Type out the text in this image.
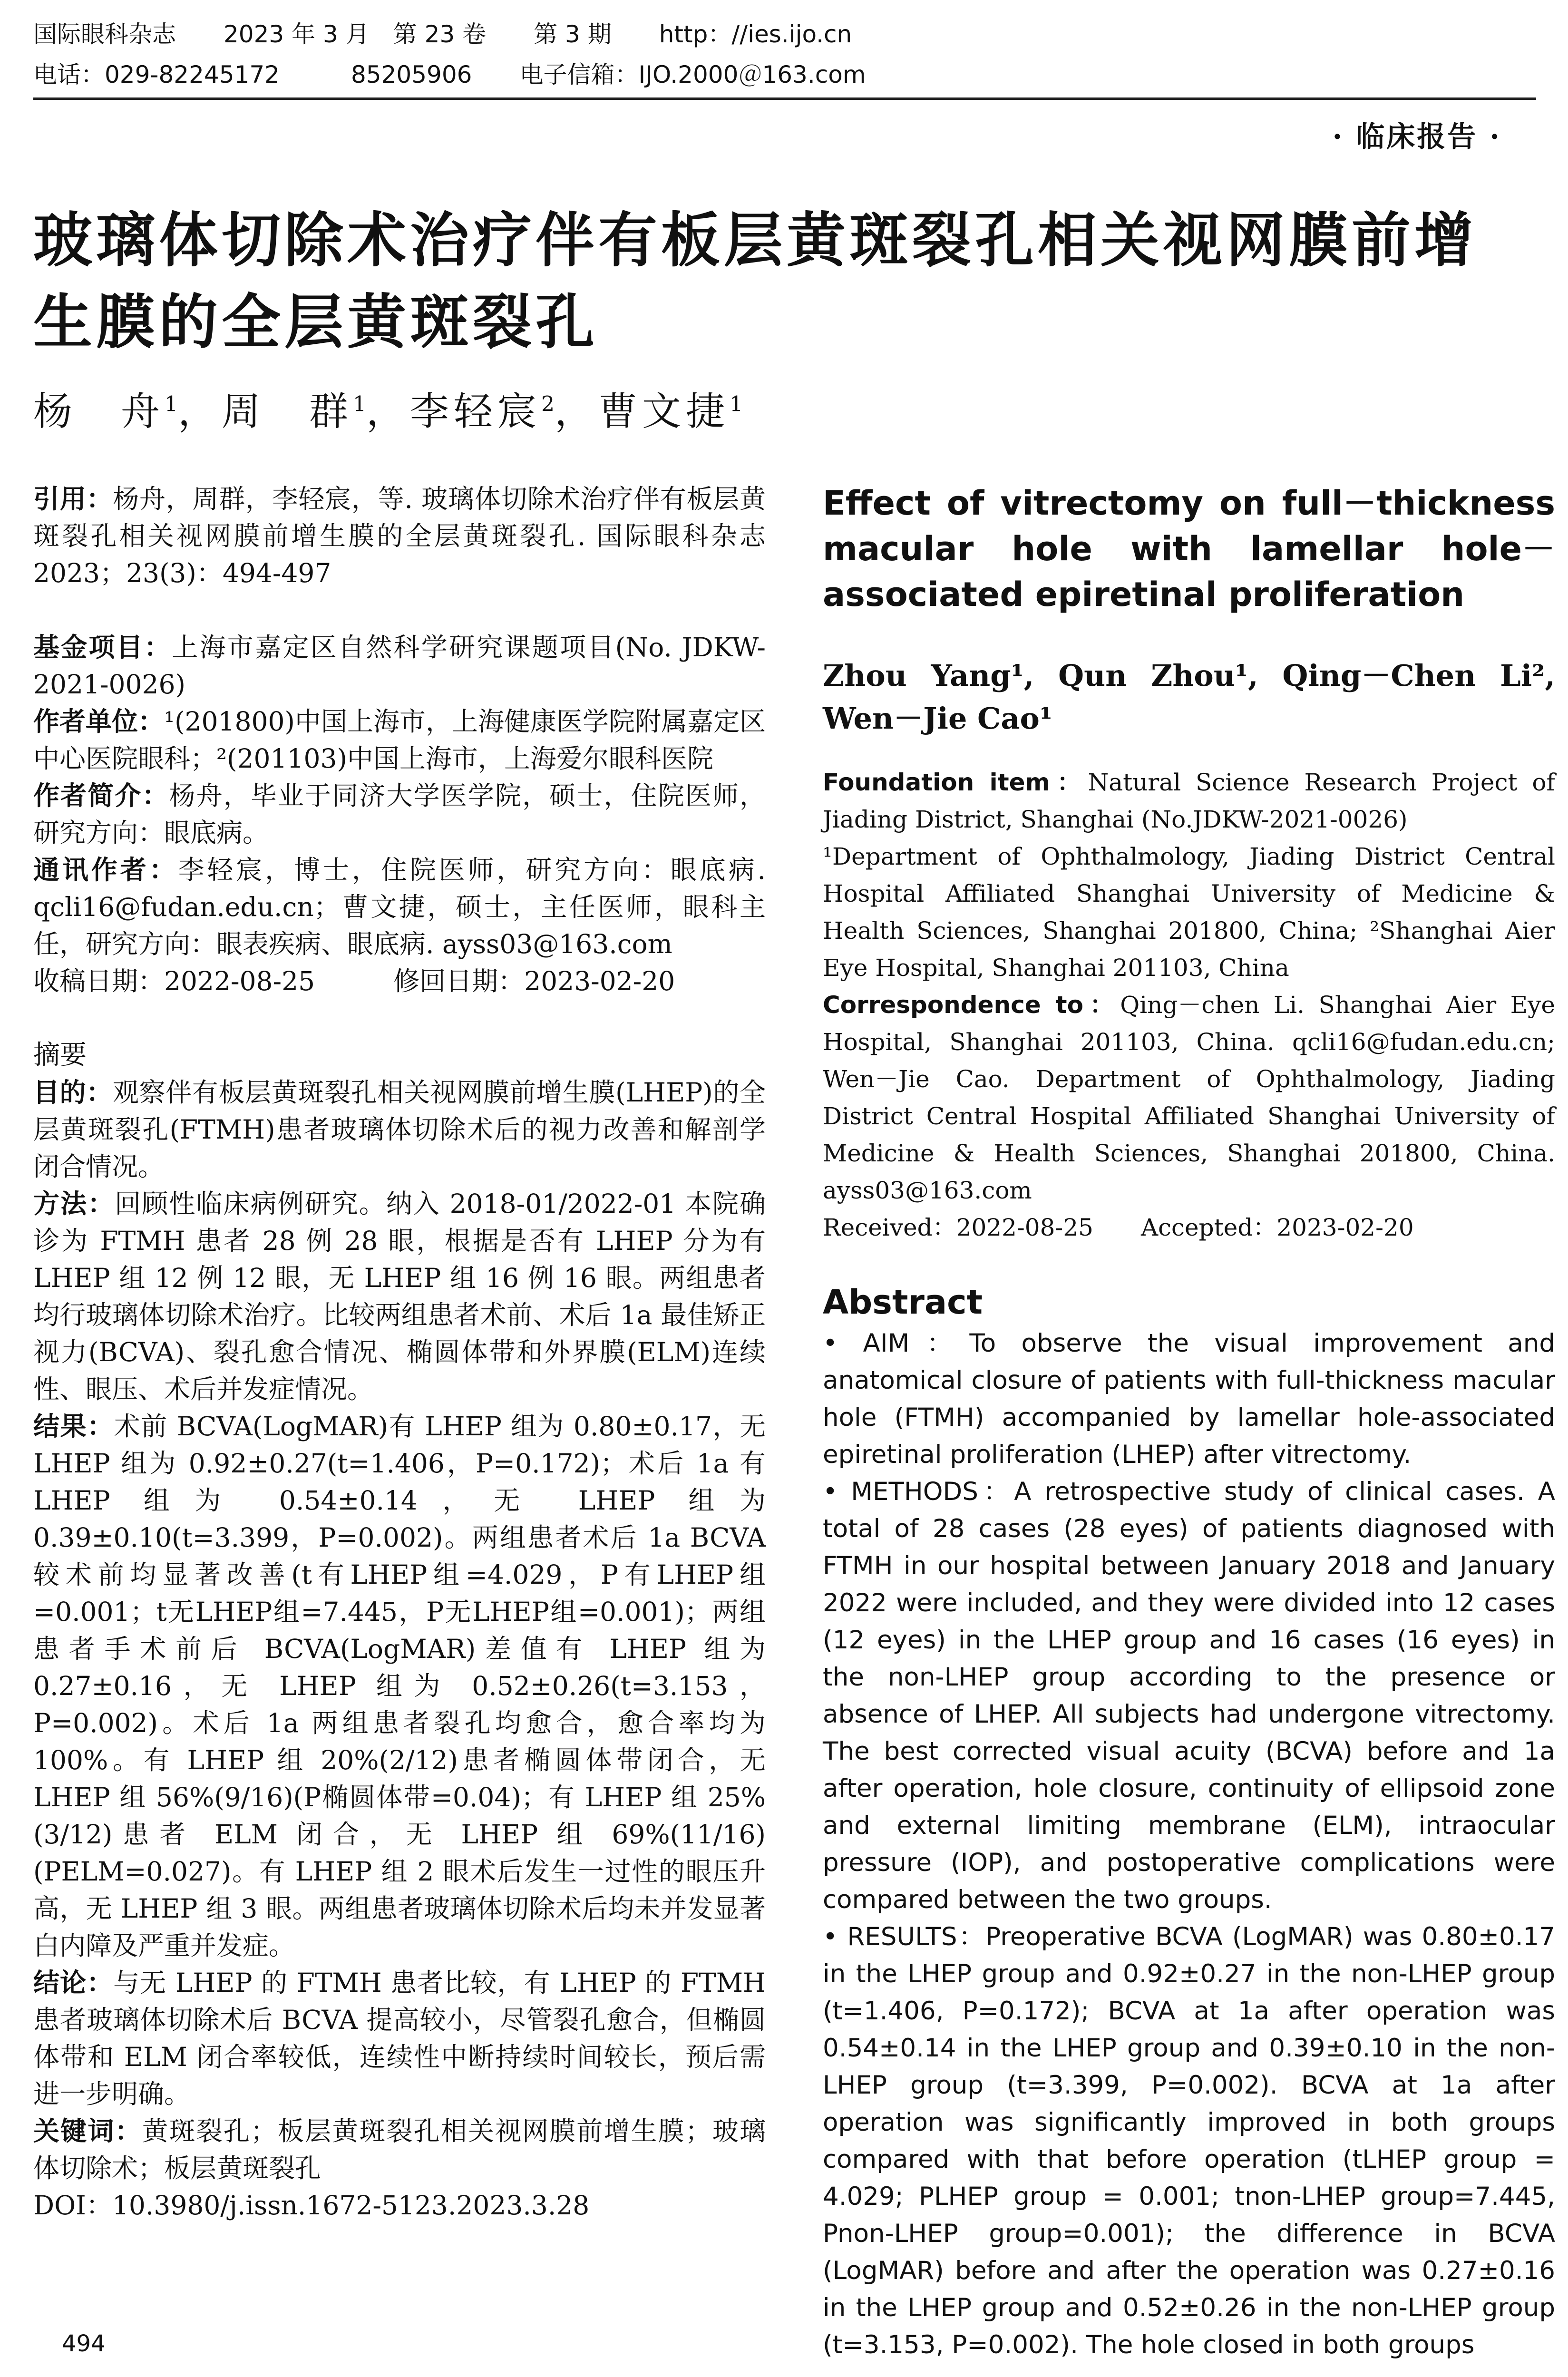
国际眼科杂志　　2023 年 3 月　第 23 卷　　第 3 期　　http：//ies.ijo.cn
电话：029-82245172　　　85205906　　电子信箱：IJO.2000＠163.com
· 临床报告 ·
玻璃体切除术治疗伴有板层黄斑裂孔相关视网膜前增生膜的全层黄斑裂孔
杨　舟$^1$，周　群$^1$，李轻宸$^2$，曹文捷$^1$

引用：杨舟，周群，李轻宸，等. 玻璃体切除术治疗伴有板层黄斑裂孔相关视网膜前增生膜的全层黄斑裂孔. 国际眼科杂志 2023；23(3)：494-497

基金项目：上海市嘉定区自然科学研究课题项目(No. JDKW-2021-0026)

作者单位：¹(201800)中国上海市，上海健康医学院附属嘉定区中心医院眼科；²(201103)中国上海市，上海爱尔眼科医院

作者简介：杨舟，毕业于同济大学医学院，硕士，住院医师，研究方向：眼底病。

通讯作者：李轻宸，博士，住院医师，研究方向：眼底病. qcli16@fudan.edu.cn；曹文捷，硕士，主任医师，眼科主任，研究方向：眼表疾病、眼底病. ayss03@163.com

收稿日期：2022-08-25　　　修回日期：2023-02-20

摘要

目的：观察伴有板层黄斑裂孔相关视网膜前增生膜(LHEP)的全层黄斑裂孔(FTMH)患者玻璃体切除术后的视力改善和解剖学闭合情况。

方法：回顾性临床病例研究。纳入 2018-01/2022-01 本院确诊为 FTMH 患者 28 例 28 眼，根据是否有 LHEP 分为有 LHEP 组 12 例 12 眼，无 LHEP 组 16 例 16 眼。两组患者均行玻璃体切除术治疗。比较两组患者术前、术后 1a 最佳矫正视力(BCVA)、裂孔愈合情况、椭圆体带和外界膜(ELM)连续性、眼压、术后并发症情况。

结果：术前 BCVA(LogMAR)有 LHEP 组为 0.80±0.17，无 LHEP 组为 0.92±0.27(t=1.406，P=0.172)；术后 1a 有 LHEP 组为 0.54±0.14，无 LHEP 组为 0.39±0.10(t=3.399，P=0.002)。两组患者术后 1a BCVA 较术前均显著改善(t有LHEP组=4.029，P有LHEP组=0.001；t无LHEP组=7.445，P无LHEP组=0.001)；两组患者手术前后 BCVA(LogMAR)差值有 LHEP 组为 0.27±0.16，无 LHEP 组为 0.52±0.26(t=3.153，P=0.002)。术后 1a 两组患者裂孔均愈合，愈合率均为 100%。有 LHEP 组 20%(2/12)患者椭圆体带闭合，无 LHEP 组 56%(9/16)(P椭圆体带=0.04)；有 LHEP 组 25%(3/12)患者 ELM 闭合，无 LHEP 组 69%(11/16)(PELM=0.027)。有 LHEP 组 2 眼术后发生一过性的眼压升高，无 LHEP 组 3 眼。两组患者玻璃体切除术后均未并发显著白内障及严重并发症。

结论：与无 LHEP 的 FTMH 患者比较，有 LHEP 的 FTMH 患者玻璃体切除术后 BCVA 提高较小，尽管裂孔愈合，但椭圆体带和 ELM 闭合率较低，连续性中断持续时间较长，预后需进一步明确。

关键词：黄斑裂孔；板层黄斑裂孔相关视网膜前增生膜；玻璃体切除术；板层黄斑裂孔

DOI：10.3980/j.issn.1672-5123.2023.3.28

Effect of vitrectomy on full－thickness macular hole with lamellar hole－associated epiretinal proliferation
Zhou Yang¹, Qun Zhou¹, Qing－Chen Li², Wen－Jie Cao¹

Foundation item：Natural Science Research Project of Jiading District, Shanghai (No.JDKW-2021-0026)

¹Department of Ophthalmology, Jiading District Central Hospital Affiliated Shanghai University of Medicine & Health Sciences, Shanghai 201800, China; ²Shanghai Aier Eye Hospital, Shanghai 201103, China

Correspondence to：Qing－chen Li. Shanghai Aier Eye Hospital, Shanghai 201103, China. qcli16@fudan.edu.cn; Wen－Jie Cao. Department of Ophthalmology, Jiading District Central Hospital Affiliated Shanghai University of Medicine & Health Sciences, Shanghai 201800, China. ayss03@163.com

Received：2022-08-25　　Accepted：2023-02-20

Abstract

• AIM：To observe the visual improvement and anatomical closure of patients with full-thickness macular hole (FTMH) accompanied by lamellar hole-associated epiretinal proliferation (LHEP) after vitrectomy.

• METHODS：A retrospective study of clinical cases. A total of 28 cases (28 eyes) of patients diagnosed with FTMH in our hospital between January 2018 and January 2022 were included, and they were divided into 12 cases (12 eyes) in the LHEP group and 16 cases (16 eyes) in the non-LHEP group according to the presence or absence of LHEP. All subjects had undergone vitrectomy. The best corrected visual acuity (BCVA) before and 1a after operation, hole closure, continuity of ellipsoid zone and external limiting membrane (ELM), intraocular pressure (IOP), and postoperative complications were compared between the two groups.

• RESULTS：Preoperative BCVA (LogMAR) was 0.80±0.17 in the LHEP group and 0.92±0.27 in the non-LHEP group (t=1.406, P=0.172); BCVA at 1a after operation was 0.54±0.14 in the LHEP group and 0.39±0.10 in the non-LHEP group (t=3.399, P=0.002). BCVA at 1a after operation was significantly improved in both groups compared with that before operation (tLHEP group = 4.029; PLHEP group = 0.001; tnon-LHEP group=7.445, Pnon-LHEP group=0.001); the difference in BCVA (LogMAR) before and after the operation was 0.27±0.16 in the LHEP group and 0.52±0.26 in the non-LHEP group (t=3.153, P=0.002). The hole closed in both groups

494
